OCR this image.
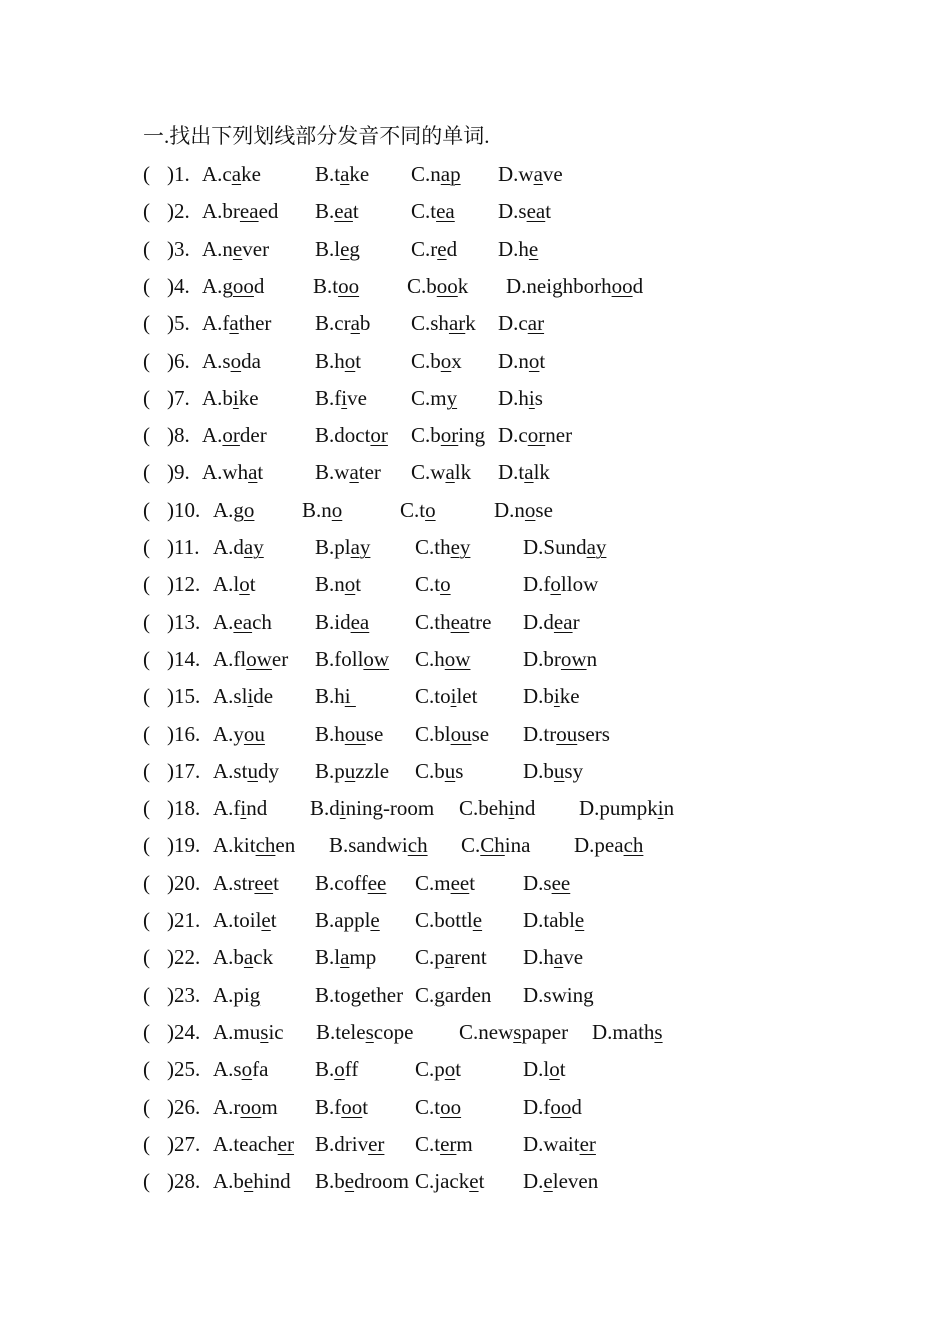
一.找出下列划线部分发音不同的单词.
( )1. A.cake	B.take C.nap D.wave
( )2. A.breaed B.eat C.tea D.seat
( )3. A.never B.leg C.red D.he
( )4. A.good B.too C.book D.neighborhood
( )5. A.father B.crab C.shark D.car
( )6. A.soda	B.hot C.box D.not
( )7. A.bike	B.five C.my D.his
( )8. A.order B.doctor C.boring D.corner
( )9. A.what B.water C.walk D.talk
( )10. A.go B.no	C.to	D.nose
( )11. A.day B.play C.they	D.Sunday
( )12. A.lot	B.not	C.to	D.follow
( )13. A.each B.idea C.theatre D.dear
( )14. A.flower B.follow C.how	D.brown
( )15. A.slide B.hi	C.toilet D.bike
( )16. A.you B.house C.blouse D.trousers
( )17. A.study B.puzzle C.bus	D.busy
( )18. A.find B.dining-room C.behind D.pumpkin
( )19. A.kitchen B.sandwich C.China D.peach
( )20. A.street B.coffee C.meet D.see
( )21. A.toilet B.apple C.bottle D.table
( )22. A.back B.lamp C.parent D.have
( )23. A.pig	B.together C.garden D.swing
( )24. A.music B.telescope C.newspaper D.maths
( )25. A.sofa B.off	C.pot	D.lot
( )26. A.room B.foot C.too	D.food
( )27. A.teacher B.driver C.term D.waiter
( )28. A.behind B.bedroom C.jacket D.eleven
